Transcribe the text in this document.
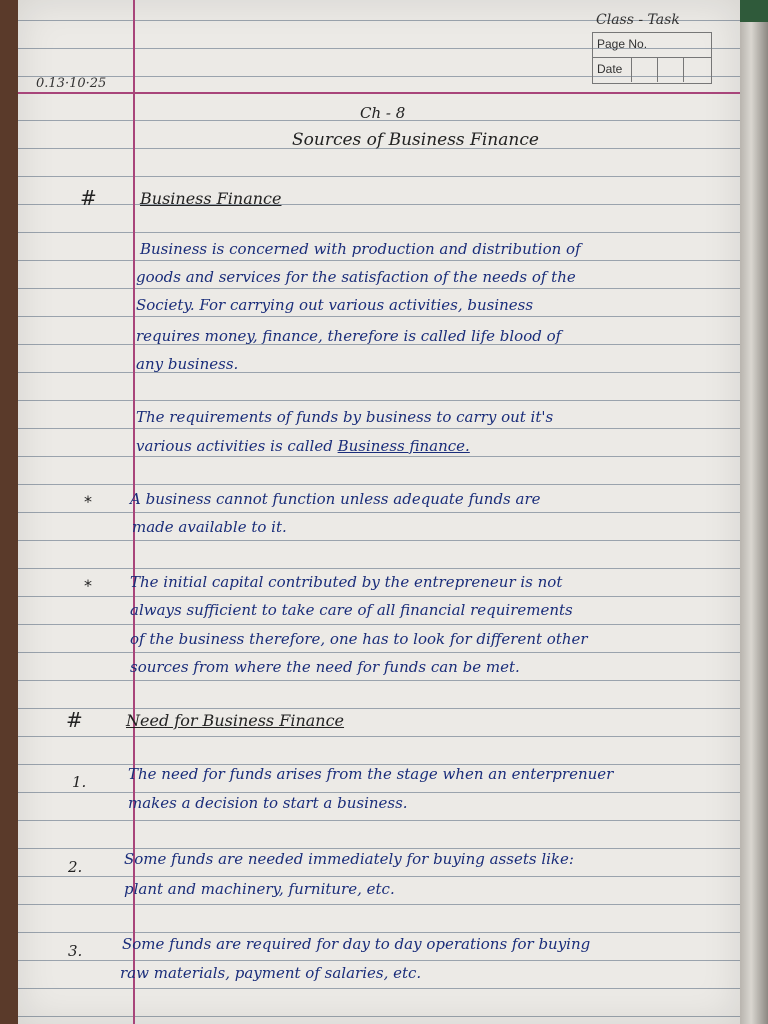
Class - Task
Page No.
Date
0.13·10·25
Ch - 8
Sources of Business Finance
#	Business Finance
Business is concerned with production and distribution of
goods and services for the satisfaction of the needs of the
Society. For carrying out various activities, business
requires money, finance, therefore is called life blood of
any business.
The requirements of funds by business to carry out it's
various activities is called Business finance.
*	A business cannot function unless adequate funds are
made available to it.
*	The initial capital contributed by the entrepreneur is not
always sufficient to take care of all financial requirements
of the business therefore, one has to look for different other
sources from where the need for funds can be met.
#	Need for Business Finance
1.	The need for funds arises from the stage when an enterprenuer
makes a decision to start a business.
2.	Some funds are needed immediately for buying assets like:
plant and machinery, furniture, etc.
3.	Some funds are required for day to day operations for buying
raw materials, payment of salaries, etc.
